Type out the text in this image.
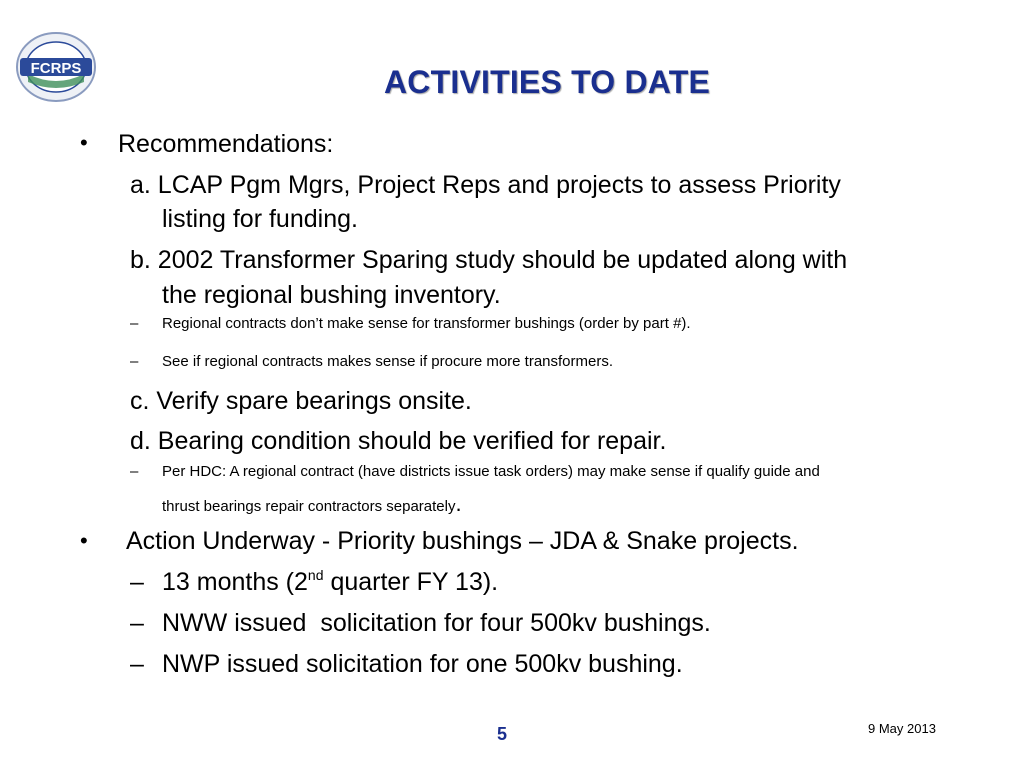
FCRPS	ACTIVITIES TO DATE
• Recommendations:
a. LCAP Pgm Mgrs, Project Reps and projects to assess Priority
listing for funding.
b. 2002 Transformer Sparing study should be updated along with
the regional bushing inventory.
– Regional contracts don’t make sense for transformer bushings (order by part #).
– See if regional contracts makes sense if procure more transformers.
c. Verify spare bearings onsite.
d. Bearing condition should be verified for repair.
– Per HDC: A regional contract (have districts issue task orders) may make sense if qualify guide and
thrust bearings repair contractors separately.
• Action Underway - Priority bushings – JDA & Snake projects.
– 13 months (2nd quarter FY 13).
– NWW issued  solicitation for four 500kv bushings.
– NWP issued solicitation for one 500kv bushing.
5	9 May 2013
